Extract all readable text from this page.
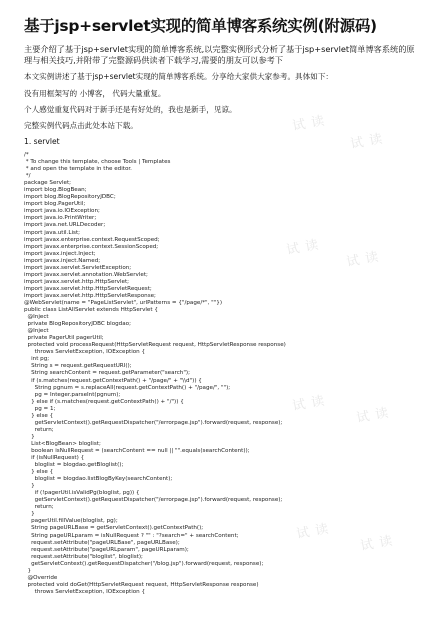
试读
试读
试读
试读
试读
试读
试读
试读
基于jsp+servlet实现的简单博客系统实例(附源码)
主要介绍了基于jsp+servlet实现的简单博客系统,以完整实例形式分析了基于jsp+servlet简单博客系统的原理与相关技巧,并附带了完整源码供读者下载学习,需要的朋友可以参考下
本文实例讲述了基于jsp+servlet实现的简单博客系统。分享给大家供大家参考。具体如下：
没有用框架写的 小博客， 代码大量重复。
个人感觉重复代码对于新手还是有好处的，我也是新手，见谅。
完整实例代码点击此处本站下载。
1. servlet
/*
* To change this template, choose Tools | Templates
* and open the template in the editor.
*/
package Servlet;
import blog.BlogBean;
import blog.BlogRepositoryJDBC;
import blog.PagerUtil;
import java.io.IOException;
import java.io.PrintWriter;
import java.net.URLDecoder;
import java.util.List;
import javax.enterprise.context.RequestScoped;
import javax.enterprise.context.SessionScoped;
import javax.inject.Inject;
import javax.inject.Named;
import javax.servlet.ServletException;
import javax.servlet.annotation.WebServlet;
import javax.servlet.http.HttpServlet;
import javax.servlet.http.HttpServletRequest;
import javax.servlet.http.HttpServletResponse;
@WebServlet(name = "PageListServlet", urlPatterns = {"/page/*", ""})
public class ListAllServlet extends HttpServlet {
@Inject
private BlogRepositoryJDBC blogdao;
@Inject
private PagerUtil pagerUtil;
protected void processRequest(HttpServletRequest request, HttpServletResponse response)
throws ServletException, IOException {
int pg;
String s = request.getRequestURI();
String searchContent = request.getParameter("search");
if (s.matches(request.getContextPath() + "/page/" + "\\d")) {
String pgnum = s.replaceAll(request.getContextPath() + "/page/", "");
pg = Integer.parseInt(pgnum);
} else if (s.matches(request.getContextPath() + "/")) {
pg = 1;
} else {
getServletContext().getRequestDispatcher("/errorpage.jsp").forward(request, response);
return;
}
List<BlogBean> bloglist;
boolean isNullRequest = (searchContent == null || "".equals(searchContent));
if (isNullRequest) {
bloglist = blogdao.getBloglist();
} else {
bloglist = blogdao.listBlogByKey(searchContent);
}
if (!pagerUtil.isValidPg(bloglist, pg)) {
getServletContext().getRequestDispatcher("/errorpage.jsp").forward(request, response);
return;
}
pagerUtil.fillValue(bloglist, pg);
String pageURLBase = getServletContext().getContextPath();
String pageURLparam = isNullRequest ? "" : "?search=" + searchContent;
request.setAttribute("pageURLBase", pageURLBase);
request.setAttribute("pageURLparam", pageURLparam);
request.setAttribute("bloglist", bloglist);
getServletContext().getRequestDispatcher("/blog.jsp").forward(request, response);
}
@Override
protected void doGet(HttpServletRequest request, HttpServletResponse response)
throws ServletException, IOException {
